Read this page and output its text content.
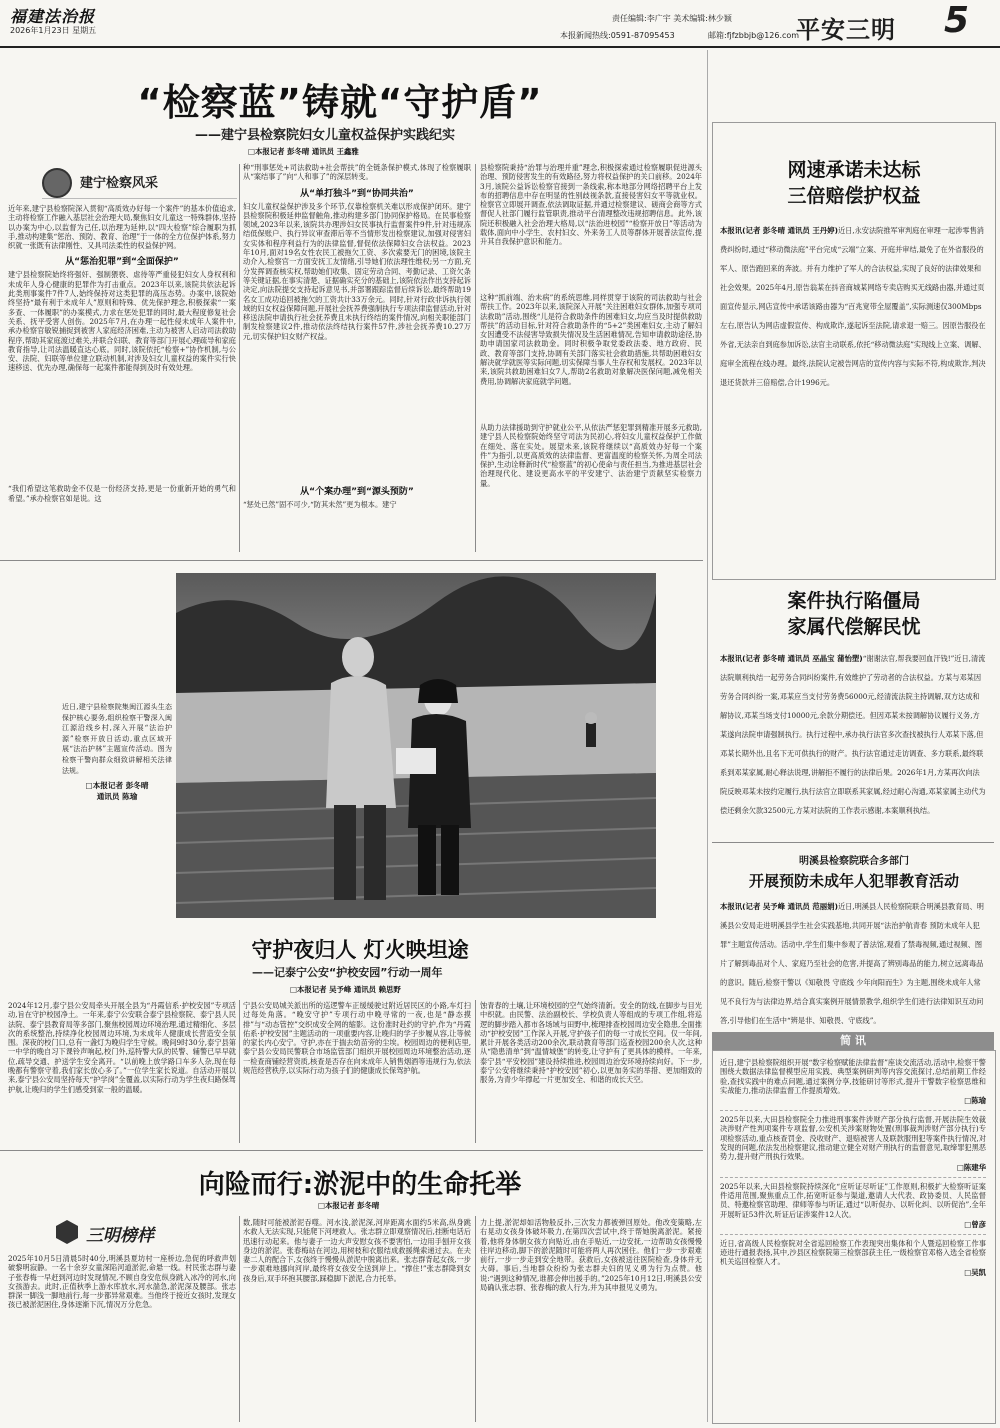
福建法治报
2026年1月23日 星期五
责任编辑:李广宇 美术编辑:林少颖
本报新闻热线:0591-87095453	邮箱:fjfzbbjb@126.com
平安三明 5
“检察蓝”铸就“守护盾”
——建宁县检察院妇女儿童权益保护实践纪实
□本报记者 彭冬晴 通讯员 王鑫雅
建宁检察风采
近年来,建宁县检察院深入贯彻“高质效办好每一个案件”的基本价值追求,主动将检察工作融入基层社会治理大局,聚焦妇女儿童这一特殊群体,坚持以办案为中心,以监督为己任,以治理为延伸,以“四大检察”综合履职为抓手,推动构建集“惩治、预防、教育、治理”于一体的全方位保护体系,努力织就一张既有法律刚性、又具司法柔性的权益保护网。
从“惩治犯罪”到“全面保护”
建宁县检察院始终将强奸、强制猥亵、虐待等严重侵犯妇女人身权利和未成年人身心健康的犯罪作为打击重点。2023年以来,该院共依法起诉此类刑事案件7件7人,始终保持对这类犯罪的高压态势。办案中,该院始终坚持“最有利于未成年人”原则和特殊、优先保护理念,积极探索“一案多查、一体履职”的办案模式,力求在惩处犯罪的同时,最大程度修复社会关系、抚平受害人创伤。2025年7月,在办理一起性侵未成年人案件中,承办检察官敏锐捕捉到被害人家庭经济困难,主动为被害人启动司法救助程序,帮助其家庭渡过难关,并联合妇联、教育等部门开展心理疏导和家庭教育指导,让司法温暖直达心底。同时,该院依托“检察+”协作机制,与公安、法院、妇联等单位建立联动机制,对涉及妇女儿童权益的案件实行快速移送、优先办理,确保每一起案件都能得到及时有效处理。
“我们希望这笔救助金不仅是一份经济支持,更是一份重新开始的勇气和希望。”承办检察官如是说。这
种“刑事惩处+司法救助+社会帮扶”的全链条保护模式,体现了检察履职从“案结事了”向“人和事了”的深层转变。
从“单打独斗”到“协同共治”
妇女儿童权益保护涉及多个环节,仅靠检察机关难以形成保护闭环。建宁县检察院积极延伸监督触角,推动构建多部门协同保护格局。在民事检察领域,2023年以来,该院共办理涉妇女民事执行监督案件9件,针对违规冻结低保账户、执行异议审查滞后等不当情形发出检察建议,加强对侵害妇女实体和程序利益行为的法律监督,督促依法保障妇女合法权益。2023年10月,面对19名女性农民工被拖欠工资、多次索要无门的困境,该院主动介入,检察官一方面安抚工友情绪,引导她们依法理性维权;另一方面,充分发挥调查核实权,帮助她们收集、固定劳动合同、考勤记录、工资欠条等关键证据,在事实清楚、证据确实充分的基础上,该院依法作出支持起诉决定,向法院提交支持起诉意见书,并部署跟踪监督后续诉讼,最终帮助19名女工成功追回被拖欠的工资共计33万余元。同时,针对行政非诉执行领域的妇女权益保障问题,开展社会抚养费强制执行专项法律监督活动,针对移送法院申请执行社会抚养费且未执行终结的案件情况,向相关职能部门制发检察建议2件,推动依法终结执行案件57件,涉社会抚养费10.27万元,切实保护妇女财产权益。
从“个案办理”到“源头预防”
“惩处已然”固不可少,“防其未然”更为根本。建宁
县检察院秉持“治罪与治理并重”理念,积极探索通过检察履职促进源头治理、预防侵害发生的有效路径,努力将权益保护的关口前移。2024年3月,该院公益诉讼检察官接到一条线索,称本地部分网络招聘平台上发布的招聘信息中存在明显的性别歧视条款,直接侵害妇女平等就业权。检察官立即展开调查,依法调取证据,并通过检察建议、磋商会商等方式督促人社部门履行监管职责,推动平台清理整改违规招聘信息。此外,该院还积极融入社会治理大格局,以“法治进校园”“检察开放日”等活动为载体,面向中小学生、农村妇女、外来务工人员等群体开展普法宣传,提升其自我保护意识和能力。
这种“抓前端、治未病”的系统思维,同样贯穿于该院的司法救助与社会帮扶工作。2023年以来,该院深入开展“关注困难妇女群体,加强专项司法救助”活动,围绕“儿是符合救助条件的困难妇女,均应当及时提供救助帮扶”的活动目标,针对符合救助条件的“5+2”类困难妇女,主动了解妇女因遭受不法侵害导致损失情况及生活困难情况,告知申请救助途径,协助申请国家司法救助金。同时积极争取党委政法委、地方政府、民政、教育等部门支持,协调有关部门落实社会救助措施,共帮助困难妇女解决就学就医等实际问题,切实保障当事人生存权和发展权。2023年以来,该院共救助困难妇女7人,帮助2名救助对象解决医保问题,减免相关费用,协调解决家庭就学问题。
从助力法律援助到守护就业公平,从依法严惩犯罪到精准开展多元救助,建宁县人民检察院始终坚守司法为民初心,将妇女儿童权益保护工作做在细处、落在实处。展望未来,该院将继续以“高质效办好每一个案件”为指引,以更高质效的法律监督、更富温度的检察关怀,为周全司法保护,生动诠释新时代“检察蓝”的初心使命与责任担当,为推进基层社会治理现代化、建设更高水平的平安建宁、法治建宁贡献坚实检察力量。
近日,建宁县检察院集闽江源头生态保护核心要务,组织检察干警深入闽江源沿线乡村,深入开展“法治护源”检察开放日活动,重点区域开展“法治护林”主题宣传活动。图为检察干警向群众细致讲解相关法律法规。
□本报记者 彭冬晴
通讯员 陈瑜
守护夜归人 灯火映坦途
——记泰宁公安“护校安园”行动一周年
□本报记者 吴予峰 通讯员 赖思野
2024年12月,泰宁县公安局牵头开展全县为“丹霞信系·护校安园”专项活动,旨在守护校园净土。一年来,泰宁公安联合泰宁县检察院、泰宁县人民法院、泰宁县教育局等多部门,聚焦校园周边环境治理,通过精细化、多层次的系统整治,持续净化校园周边环境,为未成年人健康成长营造安全氛围。深夜的校门口,总有一盏灯为晚归学生守候。晚间9时30分,泰宁县第一中学的晚自习下课铃声响起,校门外,巡特警大队的民警、辅警已早早就位,疏导交通、护送学生安全离开。“以前晚上放学路口车多人杂,现在每晚都有警察守着,我们家长放心多了。”一位学生家长说道。自活动开展以来,泰宁县公安局坚持每天“护学岗”全覆盖,以实际行动为学生夜归路保驾护航,让晚归的学生们感受到家一般的温暖。
宁县公安局城关派出所的巡逻警车正缓缓驶过附近居民区的小路,车灯扫过每处角落。“晚安守护”专项行动中晚寻常的一夜,也是“静态摸排”与“动态管控”交织成安全网的缩影。这份准时赴约的守护,作为“丹霞佑系·护校安园”主题活动的一项重要内容,让晚归的学子步履从容,让等候的家长内心安宁。守护,亦在于揣去幼苗旁的尘埃。校园周边的便利店里,泰宁县公安局民警联合市场监管部门组织开展校园周边环境整治活动,逐一检查商铺经营资质,核查是否存在向未成年人销售烟酒等违规行为,依法规范经营秩序,以实际行动为孩子们的健康成长保驾护航。
蚀青春的土壤,让环境校园的空气始终清新。安全的防线,在脚步与目光中织就。由民警、法治副校长、学校负责人等组成的专项工作组,将巡逻的脚步踏入都市各场域与田野中,梳理排查校园周边安全隐患,全面推动“护校安园”工作深入开展,守护孩子们的每一寸成长空间。仅一年间,累计开展各类活动200余次,联动教育等部门巡查校园200余人次,这种从“隐患清单”到“温情城堡”的转变,让守护有了更具体的模样。一年来,泰宁县“平安校园”建设持续推进,校园周边治安环境持续向好。下一步,泰宁公安将继续秉持“护校安园”初心,以更加务实的举措、更加细致的服务,为青少年撑起一片更加安全、和谐的成长天空。
向险而行:淤泥中的生命托举
□本报记者 彭冬晴
三明榜样
2025年10月5日清晨5时40分,明溪县夏坊村一座桥边,急促的呼救声划破黎明寂静。一名十余岁女童深陷河道淤泥,命悬一线。村民张志群与妻子张春梅一早赶到河边时发现情况,不顾自身安危纵身跳入冰冷的河水,向女孩游去。此时,正值秋季上游水库放水,河水湍急,淤泥深及腰部。张志群深一脚浅一脚地前行,每一步都异常艰难。当他终于接近女孩时,发现女孩已被淤泥困住,身体逐渐下沉,情况万分危急。
数,随时可能被淤泥吞噬。河水浅,淤泥深,河岸距离水面约5米高,纵身跳水救人无法实现,只能爬下河埂救人。张志群立即观察情况后,挂断电话后迅速行动起来。他与妻子一边大声安慰女孩不要害怕,一边用手刨开女孩身边的淤泥。张春梅站在河边,用树枝和衣服结成救援绳索递过去。在夫妻二人的配合下,女孩终于慢慢从淤泥中脱离出来。张志群背起女孩,一步一步艰难地挪向河岸,最终将女孩安全送到岸上。“撑住!”张志群降到女孩身后,双手环抱其腰部,踩稳脚下淤泥,合力托举。
力上提,淤泥却如活物般反扑,三次发力都被弹回原处。他改变策略,左右晃动女孩身体破坏吸力,在第四次尝试中,终于帮她脱离淤泥。紧接着,他将身体朝女孩方向贴近,由在手贴近,一边安抚,一边帮助女孩慢慢往岸边移动,脚下的淤泥随时可能将两人再次困住。他们一步一步艰难前行,一步一步走到安全地带。获救后,女孩被送往医院检查,身体并无大碍。事后,当地群众纷纷为张志群夫妇的见义勇为行为点赞。他说:“遇到这种情况,谁都会伸出援手的。”2025年10月12日,明溪县公安局确认张志群、张春梅的救人行为,并为其申报见义勇为。
网速承诺未达标
三倍赔偿护权益
本报讯(记者 彭冬晴 通讯员 王丹婷)近日,永安法院推军审判庭在审理一起涉零售消费纠纷时,通过“移动微法庭”平台完成“云端”立案、开庭并审结,最免了在外省服役的军人、原告跑回来的奔波。并有力维护了军人的合法权益,实现了良好的法律效果和社会效果。2025年4月,原告翁某在抖音商城某网络专卖店购买无线路由器,并通过页面宣传显示,网店宣传中承诺该路由器为“百兆宽带全屋覆盖”,实际测速仅300Mbps左右,原告认为网店虚假宣传、构成欺诈,遂起诉至法院,请求退一赔三。因原告服役在外省,无法亲自到庭参加诉讼,法官主动联系,依托“移动微法庭”实现线上立案、调解、庭审全流程在线办理。最终,法院认定被告网店的宣传内容与实际不符,构成欺诈,判决退还货款并三倍赔偿,合计1996元。
案件执行陷僵局
家属代偿解民忧
本报讯(记者 彭冬晴 通讯员 巫晶宝 蒲怡塑)“谢谢法官,帮我要回血汗钱!”近日,清流法院顺利执结一起劳务合同纠纷案件,有效维护了劳动者的合法权益。方某与邓某因劳务合同纠纷一案,邓某应当支付劳务费56000元,经清流法院主持调解,双方达成和解协议,邓某当场支付10000元,余款分期偿还。但因邓某未按调解协议履行义务,方某遂向法院申请强制执行。执行过程中,承办执行法官多次查找被执行人邓某下落,但邓某长期外出,且名下无可供执行的财产。执行法官通过走访调查、多方联系,最终联系到邓某家属,耐心释法说理,讲解拒不履行的法律后果。2026年1月,方某再次向法院反映邓某未按约定履行,执行法官立即联系其家属,经过耐心沟通,邓某家属主动代为偿还剩余欠款32500元,方某对法院的工作表示感谢,本案顺利执结。
明溪县检察院联合多部门
开展预防未成年人犯罪教育活动
本报讯(记者 吴予峰 通讯员 范丽娟)近日,明溪县人民检察院联合明溪县教育局、明溪县公安局走进明溪县学生社会实践基地,共同开展“法治护航青春 预防未成年人犯罪”主题宣传活动。活动中,学生们集中参观了普法馆,观看了禁毒视频,通过视频、图片了解到毒品对个人、家庭乃至社会的危害,并提高了辨别毒品的能力,树立远离毒品的意识。随后,检察干警以《知敬畏 守底线 少年向阳而生》为主题,围绕未成年人常见不良行为与法律边界,结合真实案例开展情景教学,组织学生们进行法律知识互动问答,引导他们在生活中“辨是非、知敬畏、守底线”。
简 讯
近日,建宁县检察院组织开展“数字检察赋能法律监督”座谈交流活动,活动中,检察干警围绕大数据法律监督模型应用实践、典型案例研判等内容交流探讨,总结前期工作经验,查找实践中的难点问题,通过案例分享,技能研讨等形式,提升干警数字检察思维和实战能力,推动法律监督工作提质增效。
□陈瑜
2025年以来,大田县检察院全力推进刑事案件涉财产部分执行监督,开展法院生效裁决涉财产性判项案件专项监督,公安机关涉案财物处置(刑事裁判涉财产部分执行)专项检察活动,重点核查罚金、没收财产、退赔被害人及联款服刑犯等案件执行情况,对发现的问题,依法发出检察建议,推动建立健全对财产刑执行的监督意见,取缔罪犯黑恶势力,提升财产刑执行效果。
□陈建华
2025年以来,大田县检察院持续深化“应听证尽听证”工作原则,积极扩大检察听证案件适用范围,聚焦重点工作,拓宽听证参与渠道,邀请人大代表、政协委员、人民监督员、特邀检察官助理、律师等参与听证,通过“以听促办、以听化纠、以听促治”,全年开展听证53件次,听证后证涉案件12人次。
□曾彦
近日,省高级人民检察院对全省巡回检察工作表现突出集体和个人暨巡回检察工作事迹进行通报表扬,其中,沙县区检察院第三检察部获主任,一级检察官邓格入选全省检察机关巡回检察人才。
□吴凯
